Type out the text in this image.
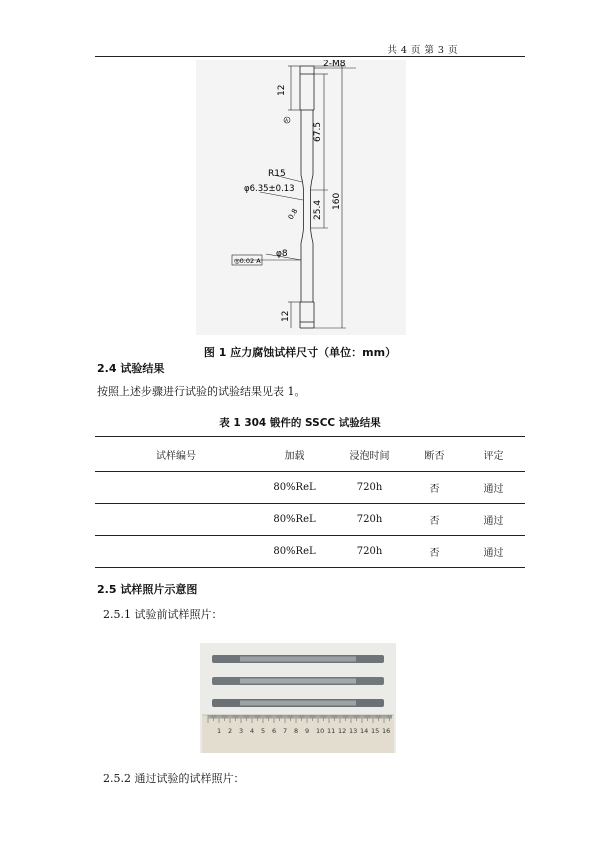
共 4 页 第 3 页
2-M8
12
67.5
160
R15
φ6.35±0.13
25.4
0.8
φ8
◎0.02 A
12
A
图 1 应力腐蚀试样尺寸（单位：mm）
2.4 试验结果
按照上述步骤进行试验的试验结果见表 1。
表 1 304 锻件的 SSCC 试验结果
试样编号	加载	浸泡时间	断否	评定
	80%ReL	720h	否	通过
	80%ReL	720h	否	通过
	80%ReL	720h	否	通过
2.5 试样照片示意图
2.5.1 试验前试样照片：
1 2 3 4 5 6 7 8 9 10 11 12 13 14 15 16
2.5.2 通过试验的试样照片：
